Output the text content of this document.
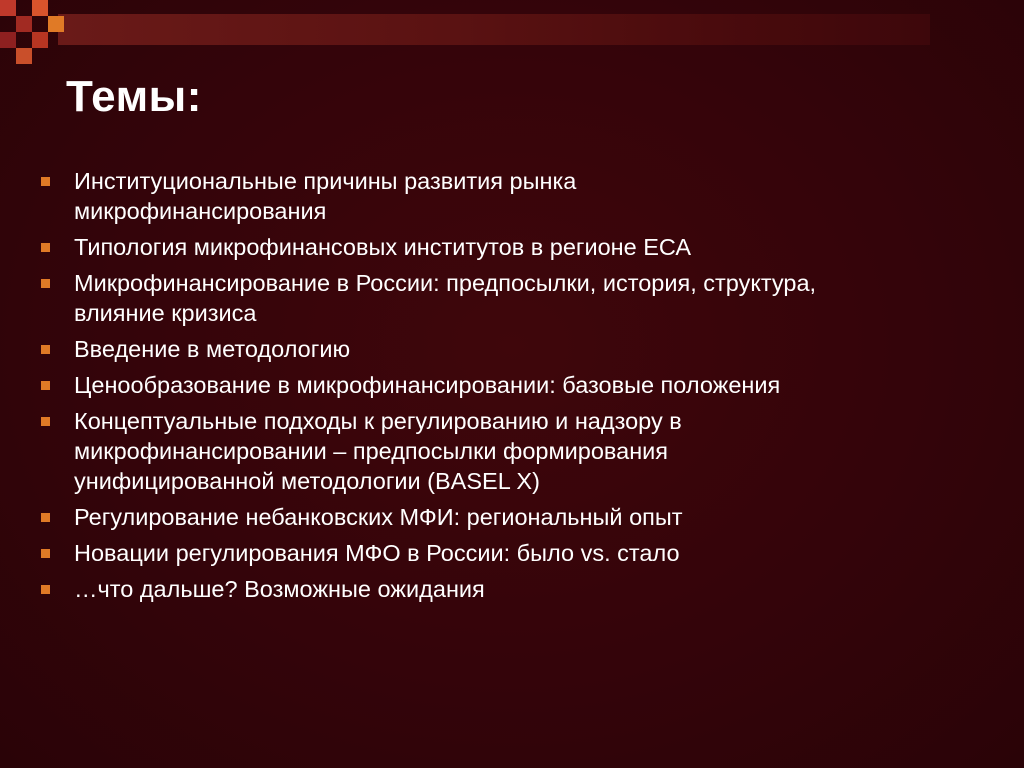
Темы:
Институциональные причины развития рынка
микрофинансирования
Типология микрофинансовых институтов в регионе ЕСА
Микрофинансирование в России: предпосылки, история, структура,
влияние кризиса
Введение в методологию
Ценообразование в микрофинансировании: базовые положения
Концептуальные подходы к регулированию и надзору в
микрофинансировании – предпосылки формирования
унифицированной методологии (BASEL X)
Регулирование небанковских МФИ: региональный опыт
Новации регулирования МФО в России: было vs. стало
…что дальше? Возможные ожидания
